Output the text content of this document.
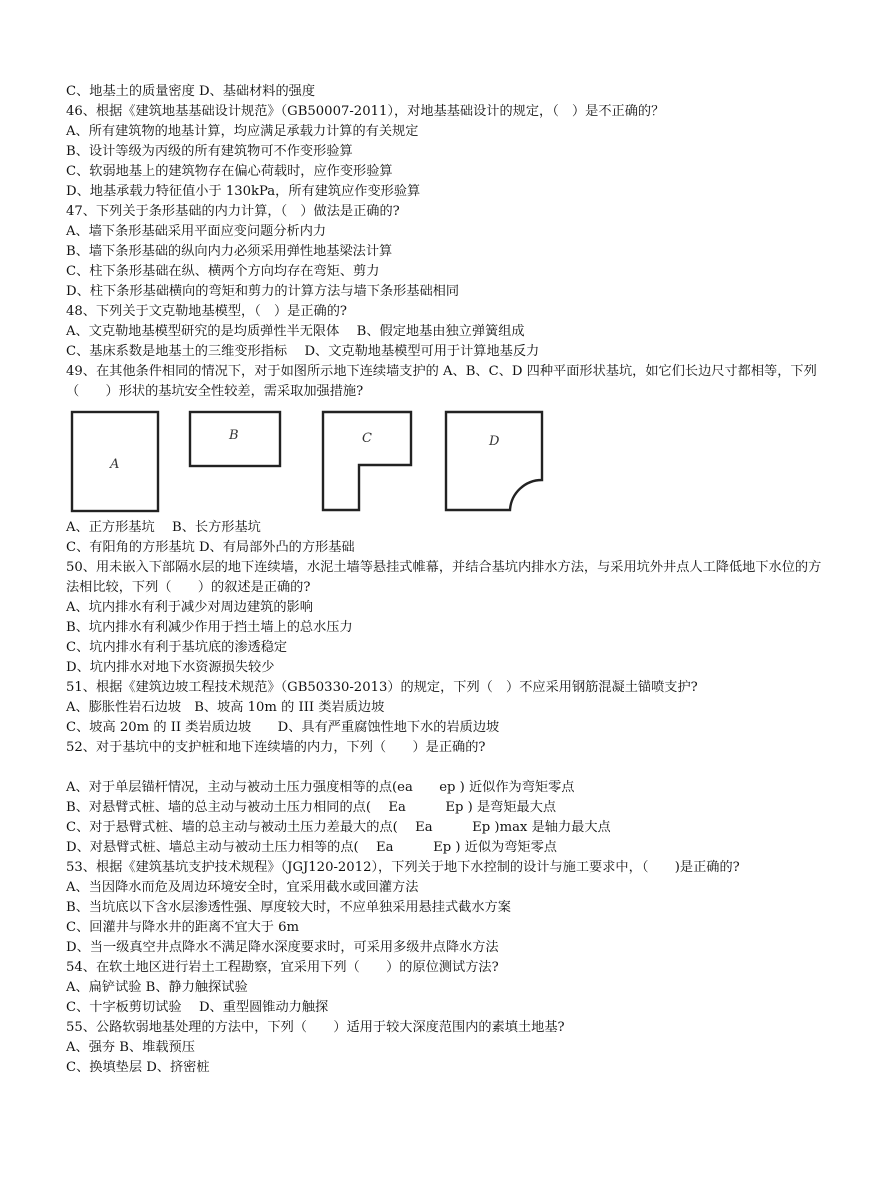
C、地基土的质量密度 D、基础材料的强度
46、根据《建筑地基基础设计规范》（GB50007-2011），对地基基础设计的规定，（　）是不正确的？
A、所有建筑物的地基计算，均应满足承载力计算的有关规定
B、设计等级为丙级的所有建筑物可不作变形验算
C、软弱地基上的建筑物存在偏心荷载时，应作变形验算
D、地基承载力特征值小于 130kPa，所有建筑应作变形验算
47、下列关于条形基础的内力计算，（　）做法是正确的?
A、墙下条形基础采用平面应变问题分析内力
B、墙下条形基础的纵向内力必须采用弹性地基梁法计算
C、柱下条形基础在纵、横两个方向均存在弯矩、剪力
D、柱下条形基础横向的弯矩和剪力的计算方法与墙下条形基础相同
48、下列关于文克勒地基模型，（　）是正确的?
A、文克勒地基模型研究的是均质弹性半无限体　 B、假定地基由独立弹簧组成
C、基床系数是地基土的三维变形指标　 D、文克勒地基模型可用于计算地基反力
49、在其他条件相同的情况下，对于如图所示地下连续墙支护的 A、B、C、D 四种平面形状基坑，如它们长边尺寸都相等，下列（　　）形状的基坑安全性较差，需采取加强措施?
A
B	C	D
A、正方形基坑　 B、长方形基坑
C、有阳角的方形基坑 D、有局部外凸的方形基础
50、用未嵌入下部隔水层的地下连续墙，水泥土墙等悬挂式帷幕，并结合基坑内排水方法，与采用坑外井点人工降低地下水位的方法相比较，下列（　　）的叙述是正确的?
A、坑内排水有利于减少对周边建筑的影响
B、坑内排水有利减少作用于挡土墙上的总水压力
C、坑内排水有利于基坑底的渗透稳定
D、坑内排水对地下水资源损失较少
51、根据《建筑边坡工程技术规范》（GB50330-2013）的规定，下列（　）不应采用钢筋混凝土锚喷支护?
A、膨胀性岩石边坡　B、坡高 10m 的 III 类岩质边坡
C、坡高 20m 的 II 类岩质边坡　　D、具有严重腐蚀性地下水的岩质边坡
52、对于基坑中的支护桩和地下连续墙的内力，下列（　　）是正确的?
A、对于单层锚杆情况，主动与被动土压力强度相等的点(ea　　ep ) 近似作为弯矩零点
B、对悬臂式桩、墙的总主动与被动土压力相同的点(　 Ea　　　Ep ) 是弯矩最大点
C、对于悬臂式桩、墙的总主动与被动土压力差最大的点(　 Ea　　　Ep )max 是轴力最大点
D、对悬臂式桩、墙总主动与被动土压力相等的点(　 Ea　　　Ep ) 近似为弯矩零点
53、根据《建筑基坑支护技术规程》（JGJ120-2012），下列关于地下水控制的设计与施工要求中，（　　)是正确的?
A、当因降水而危及周边环境安全时，宜采用截水或回灌方法
B、当坑底以下含水层渗透性强、厚度较大时，不应单独采用悬挂式截水方案
C、回灌井与降水井的距离不宜大于 6m
D、当一级真空井点降水不满足降水深度要求时，可采用多级井点降水方法
54、在软土地区进行岩土工程勘察，宜采用下列（　　）的原位测试方法?
A、扁铲试验 B、静力触探试验
C、十字板剪切试验　 D、重型圆锥动力触探
55、公路软弱地基处理的方法中，下列（　　）适用于较大深度范围内的素填土地基?
A、强夯 B、堆载预压
C、换填垫层 D、挤密桩
